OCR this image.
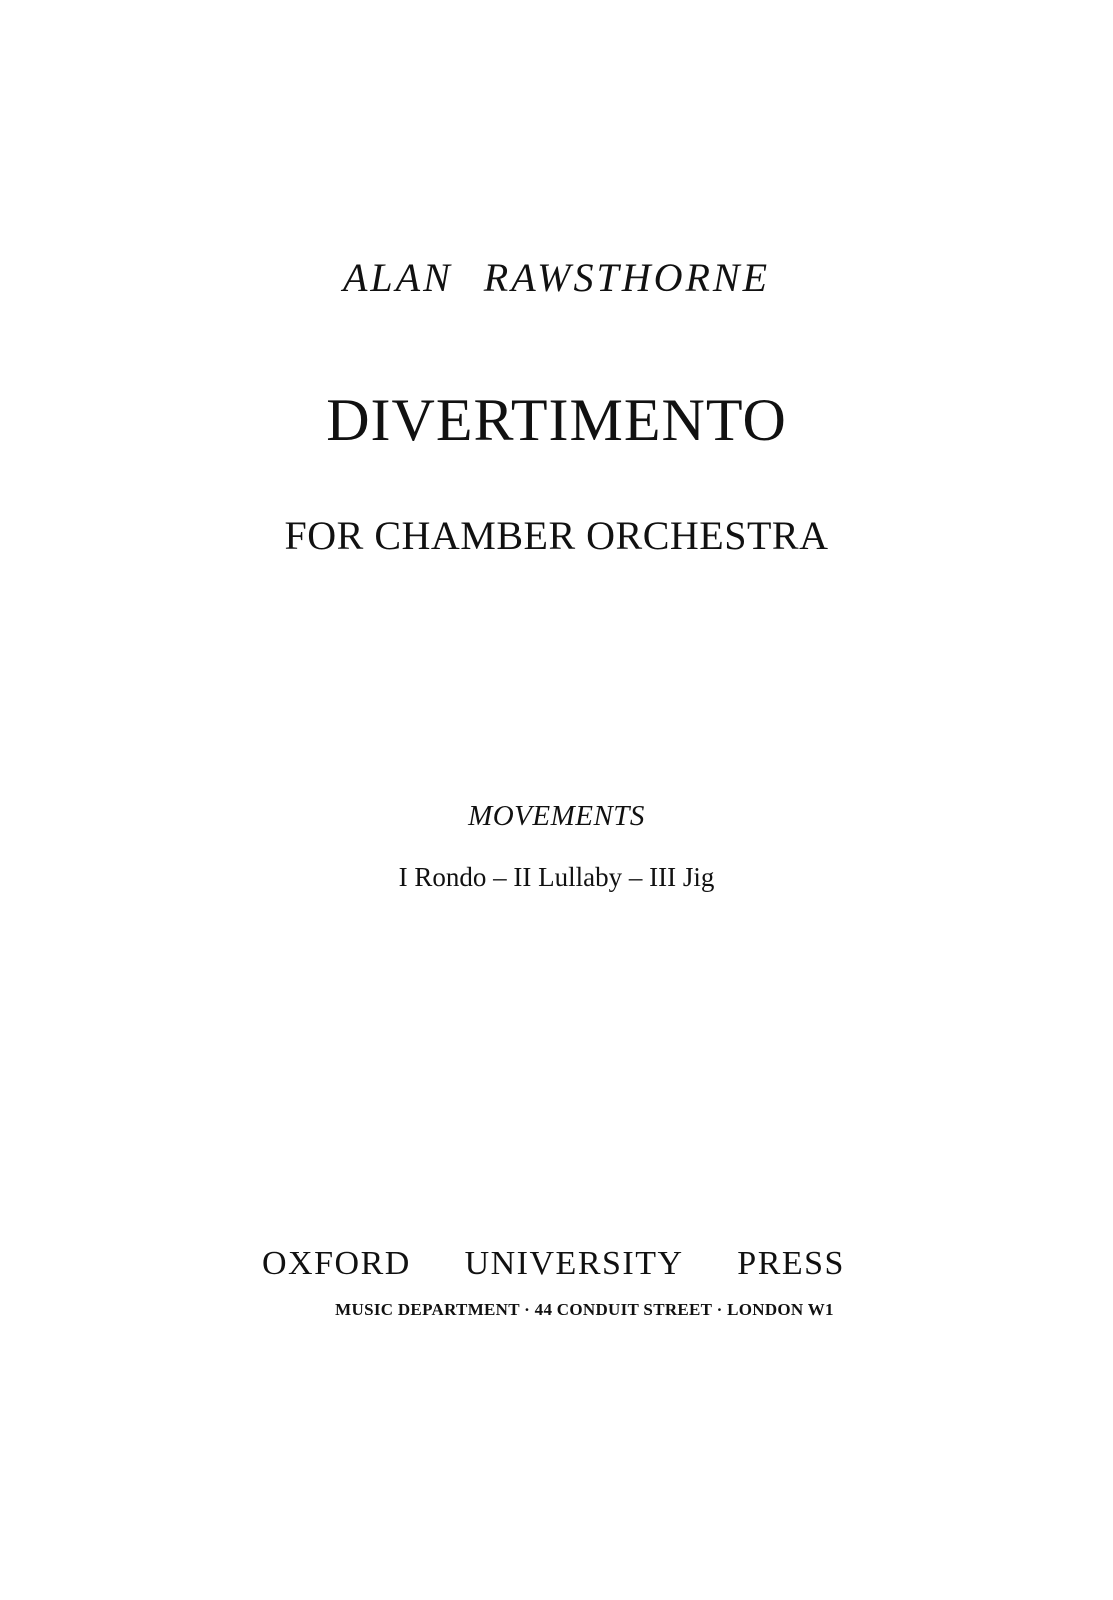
ALAN RAWSTHORNE
DIVERTIMENTO
FOR CHAMBER ORCHESTRA
MOVEMENTS
I Rondo – II Lullaby – III Jig
OXFORD UNIVERSITY PRESS
MUSIC DEPARTMENT · 44 CONDUIT STREET · LONDON W1
